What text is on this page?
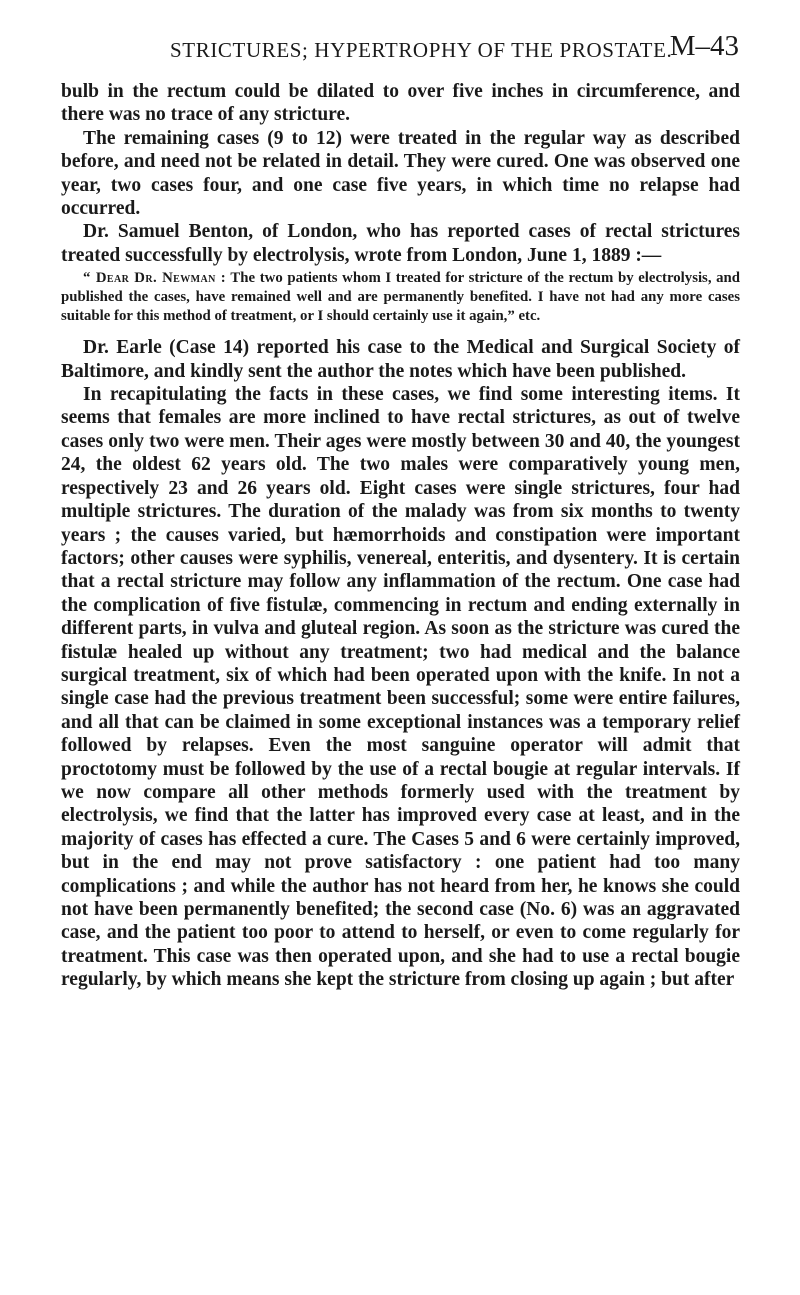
STRICTURES; HYPERTROPHY OF THE PROSTATE.
M–43

bulb in the rectum could be dilated to over five inches in circumference, and there was no trace of any stricture.

The remaining cases (9 to 12) were treated in the regular way as described before, and need not be related in detail. They were cured. One was observed one year, two cases four, and one case five years, in which time no relapse had occurred.

Dr. Samuel Benton, of London, who has reported cases of rectal strictures treated successfully by electrolysis, wrote from London, June 1, 1889 :—

“ Dear Dr. Newman : The two patients whom I treated for stricture of the rectum by electrolysis, and published the cases, have remained well and are permanently benefited. I have not had any more cases suitable for this method of treatment, or I should certainly use it again,” etc.

Dr. Earle (Case 14) reported his case to the Medical and Surgical Society of Baltimore, and kindly sent the author the notes which have been published.

In recapitulating the facts in these cases, we find some interesting items. It seems that females are more inclined to have rectal strictures, as out of twelve cases only two were men. Their ages were mostly between 30 and 40, the youngest 24, the oldest 62 years old. The two males were comparatively young men, respectively 23 and 26 years old. Eight cases were single strictures, four had multiple strictures. The duration of the malady was from six months to twenty years ; the causes varied, but hæmorrhoids and constipation were important factors; other causes were syphilis, venereal, enteritis, and dysentery. It is certain that a rectal stricture may follow any inflammation of the rectum. One case had the complication of five fistulæ, commencing in rectum and ending externally in different parts, in vulva and gluteal region. As soon as the stricture was cured the fistulæ healed up without any treatment; two had medical and the balance surgical treatment, six of which had been operated upon with the knife. In not a single case had the previous treatment been successful; some were entire failures, and all that can be claimed in some exceptional instances was a temporary relief followed by relapses. Even the most sanguine operator will admit that proctotomy must be followed by the use of a rectal bougie at regular intervals. If we now compare all other methods formerly used with the treatment by electrolysis, we find that the latter has improved every case at least, and in the majority of cases has effected a cure. The Cases 5 and 6 were certainly improved, but in the end may not prove satisfactory : one patient had too many complications ; and while the author has not heard from her, he knows she could not have been permanently benefited; the second case (No. 6) was an aggravated case, and the patient too poor to attend to herself, or even to come regularly for treatment. This case was then operated upon, and she had to use a rectal bougie regularly, by which means she kept the stricture from closing up again ; but after
